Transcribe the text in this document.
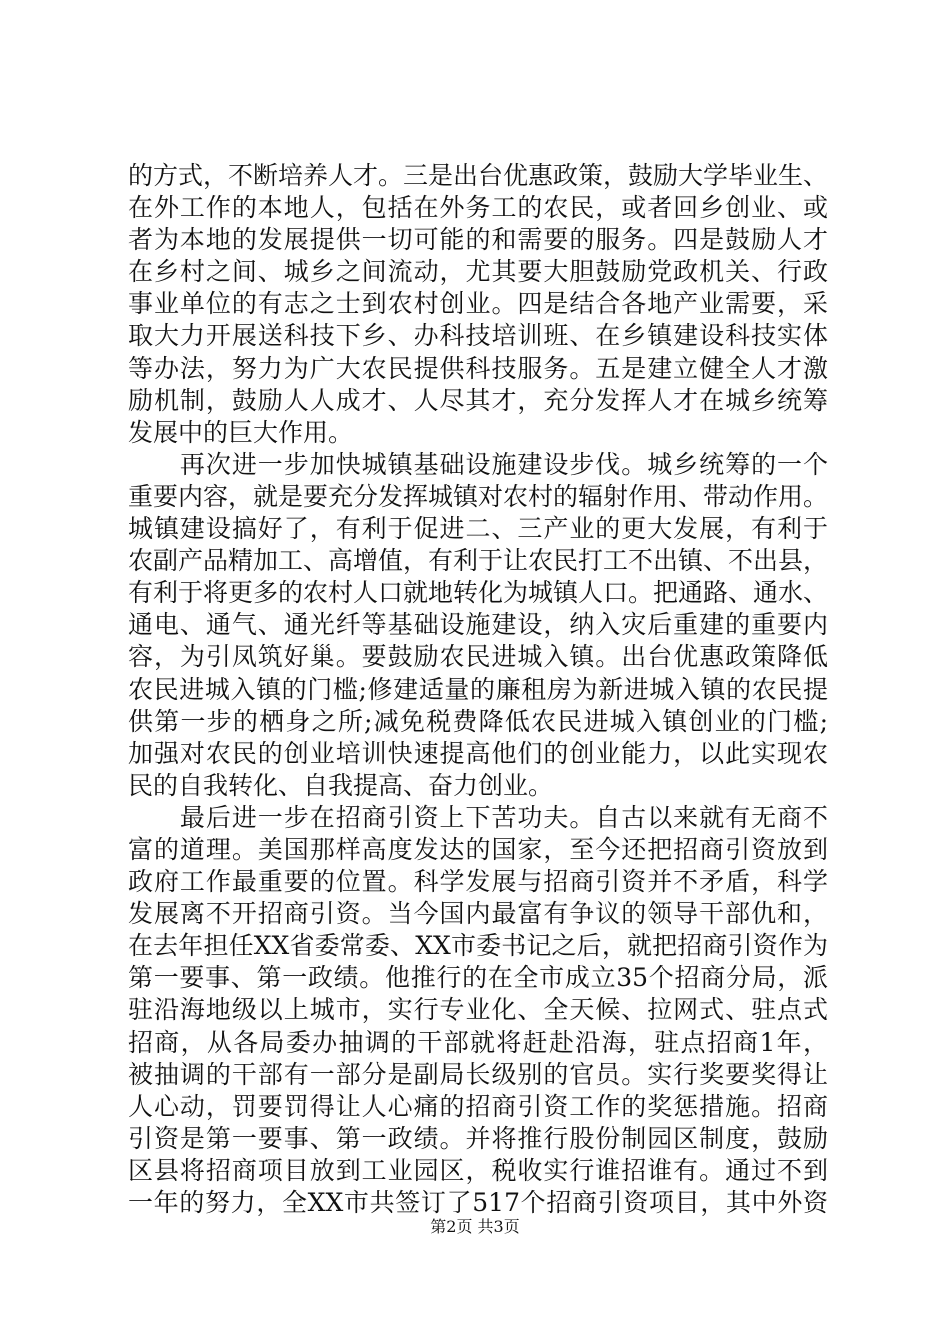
的方式，不断培养人才。三是出台优惠政策，鼓励大学毕业生、
在外工作的本地人，包括在外务工的农民，或者回乡创业、或
者为本地的发展提供一切可能的和需要的服务。四是鼓励人才
在乡村之间、城乡之间流动，尤其要大胆鼓励党政机关、行政
事业单位的有志之士到农村创业。四是结合各地产业需要，采
取大力开展送科技下乡、办科技培训班、在乡镇建设科技实体
等办法，努力为广大农民提供科技服务。五是建立健全人才激
励机制，鼓励人人成才、人尽其才，充分发挥人才在城乡统筹
发展中的巨大作用。
　　再次进一步加快城镇基础设施建设步伐。城乡统筹的一个
重要内容，就是要充分发挥城镇对农村的辐射作用、带动作用。
城镇建设搞好了，有利于促进二、三产业的更大发展，有利于
农副产品精加工、高增值，有利于让农民打工不出镇、不出县，
有利于将更多的农村人口就地转化为城镇人口。把通路、通水、
通电、通气、通光纤等基础设施建设，纳入灾后重建的重要内
容，为引凤筑好巢。要鼓励农民进城入镇。出台优惠政策降低
农民进城入镇的门槛;修建适量的廉租房为新进城入镇的农民提
供第一步的栖身之所;减免税费降低农民进城入镇创业的门槛;
加强对农民的创业培训快速提高他们的创业能力，以此实现农
民的自我转化、自我提高、奋力创业。
　　最后进一步在招商引资上下苦功夫。自古以来就有无商不
富的道理。美国那样高度发达的国家，至今还把招商引资放到
政府工作最重要的位置。科学发展与招商引资并不矛盾，科学
发展离不开招商引资。当今国内最富有争议的领导干部仇和，
在去年担任XX省委常委、XX市委书记之后，就把招商引资作为
第一要事、第一政绩。他推行的在全市成立35个招商分局，派
驻沿海地级以上城市，实行专业化、全天候、拉网式、驻点式
招商，从各局委办抽调的干部就将赶赴沿海，驻点招商1年，
被抽调的干部有一部分是副局长级别的官员。实行奖要奖得让
人心动，罚要罚得让人心痛的招商引资工作的奖惩措施。招商
引资是第一要事、第一政绩。并将推行股份制园区制度，鼓励
区县将招商项目放到工业园区，税收实行谁招谁有。通过不到
一年的努力，全XX市共签订了517个招商引资项目，其中外资
第2页 共3页
